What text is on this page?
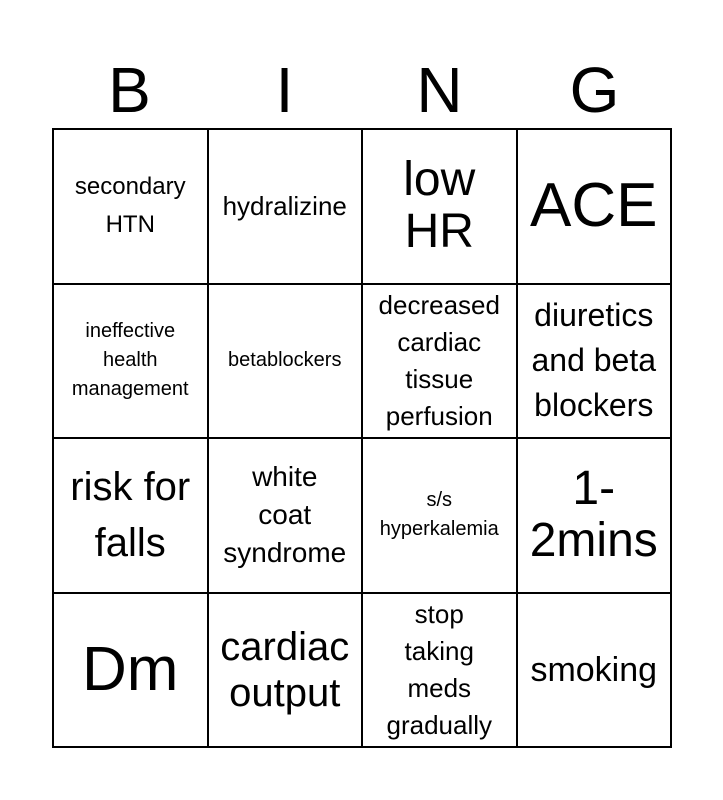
B	I	N	G
secondary
HTN
hydralizine low
HR ACE
ineffective
health
management
betablockers
decreased
cardiac
tissue
perfusion
diuretics
and beta
blockers
risk for
falls
white
coat
syndrome
s/s
hyperkalemia
1-
2mins
Dm cardiac
output
stop
taking
meds
gradually
smoking
